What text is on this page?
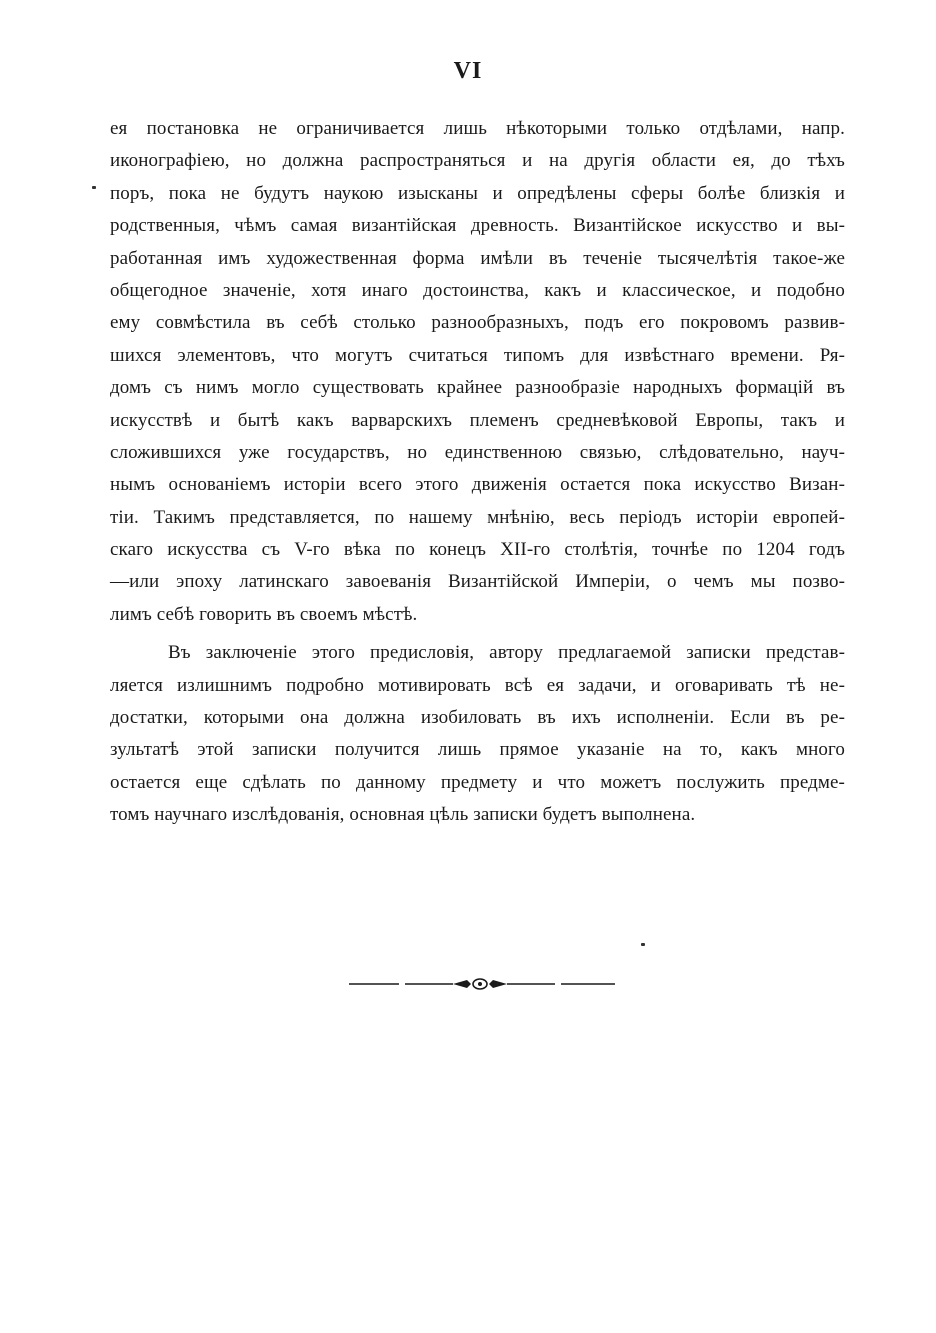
VI
ея постановка не ограничивается лишь нѣкоторыми только отдѣлами, напр.
иконографіею, но должна распространяться и на другія области ея, до тѣхъ
поръ, пока не будутъ наукою изысканы и опредѣлены сферы болѣе близкія и
родственныя, чѣмъ самая византійская древность. Византійское искусство и вы-
работанная имъ художественная форма имѣли въ теченіе тысячелѣтія такое-же
общегодное значеніе, хотя инаго достоинства, какъ и классическое, и подобно
ему совмѣстила въ себѣ столько разнообразныхъ, подъ его покровомъ развив-
шихся элементовъ, что могутъ считаться типомъ для извѣстнаго времени. Ря-
домъ съ нимъ могло существовать крайнее разнообразіе народныхъ формацій въ
искусствѣ и бытѣ какъ варварскихъ племенъ средневѣковой Европы, такъ и
сложившихся уже государствъ, но единственною связью, слѣдовательно, науч-
нымъ основаніемъ исторіи всего этого движенія остается пока искусство Визан-
тіи. Такимъ представляется, по нашему мнѣнію, весь періодъ исторіи европей-
скаго искусства съ V-го вѣка по конецъ XII-го столѣтія, точнѣе по 1204 годъ
—или эпоху латинскаго завоеванія Византійской Имперіи, о чемъ мы позво-
лимъ себѣ говорить въ своемъ мѣстѣ.
Въ заключеніе этого предисловія, автору предлагаемой записки представ-
ляется излишнимъ подробно мотивировать всѣ ея задачи, и оговаривать тѣ не-
достатки, которыми она должна изобиловать въ ихъ исполненіи. Если въ ре-
зультатѣ этой записки получится лишь прямое указаніе на то, какъ много
остается еще сдѣлать по данному предмету и что можетъ послужить предме-
томъ научнаго изслѣдованія, основная цѣль записки будетъ выполнена.
